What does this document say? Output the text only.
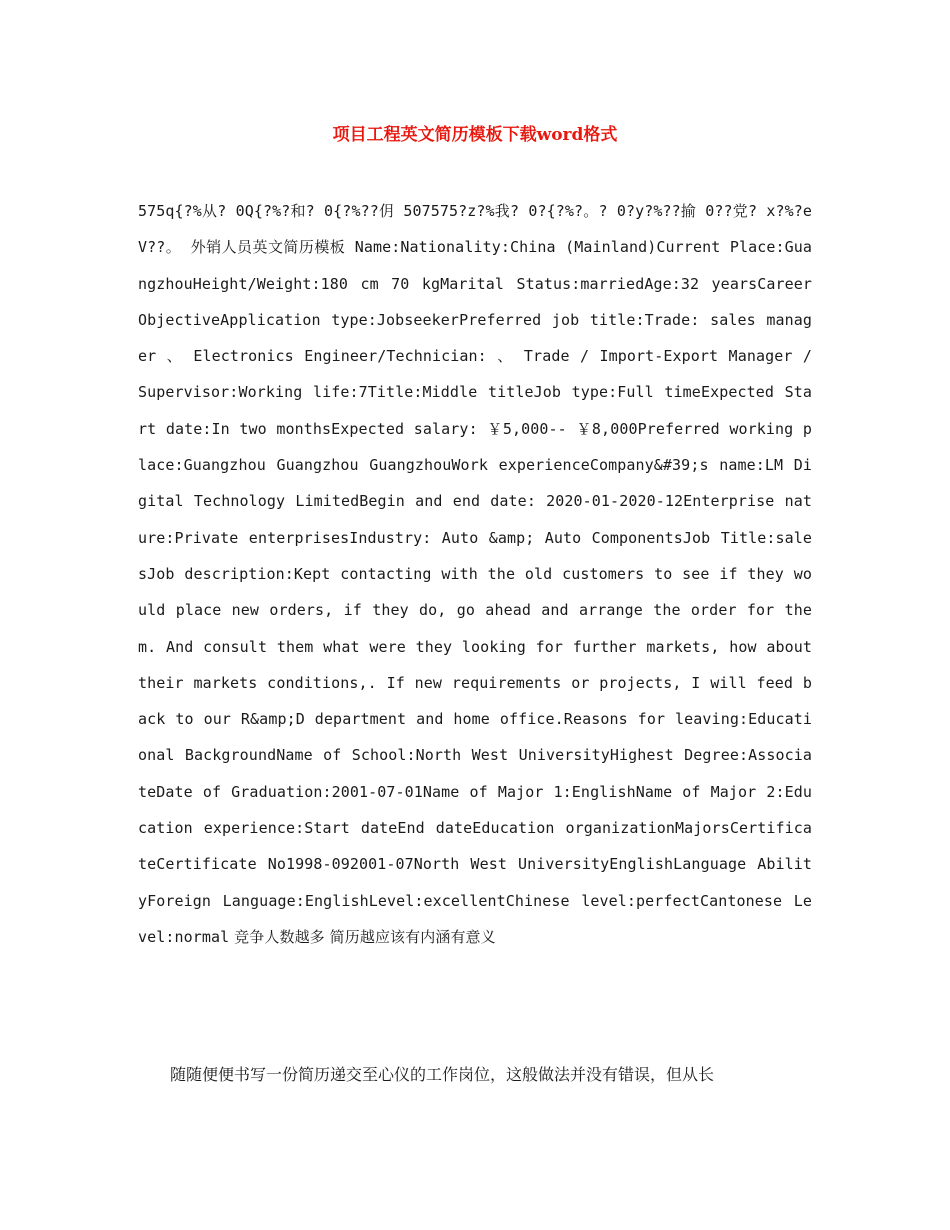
项目工程英文简历模板下载word格式

575q{?%从? 0Q{?%?和? 0{?%??仴 507575?z?%我? 0?{?%?。? 0?y?%??揄 0??党? x?%?eV??。 外销人员英文简历模板 Name:Nationality:China (Mainland)Current Place:GuangzhouHeight/Weight:180 cm 70 kgMarital Status:marriedAge:32 yearsCareer ObjectiveApplication type:JobseekerPreferred job title:Trade: sales manager 、 Electronics Engineer/Technician: 、 Trade / Import-Export Manager / Supervisor:Working life:7Title:Middle titleJob type:Full timeExpected Start date:In two monthsExpected salary: ￥5,000-- ￥8,000Preferred working place:Guangzhou Guangzhou GuangzhouWork experienceCompany&#39;s name:LM Digital Technology LimitedBegin and end date: 2020-01-2020-12Enterprise nature:Private enterprisesIndustry: Auto &amp; Auto ComponentsJob Title:salesJob description:Kept contacting with the old customers to see if they would place new orders, if they do, go ahead and arrange the order for them. And consult them what were they looking for further markets, how about their markets conditions,. If new requirements or projects, I will feed back to our R&amp;D department and home office.Reasons for leaving:Educational BackgroundName of School:North West UniversityHighest Degree:AssociateDate of Graduation:2001-07-01Name of Major 1:EnglishName of Major 2:Education experience:Start dateEnd dateEducation organizationMajorsCertificateCertificate No1998-092001-07North West UniversityEnglishLanguage AbilityForeign Language:EnglishLevel:excellentChinese level:perfectCantonese Level:normal 竞争人数越多 简历越应该有内涵有意义

随随便便书写一份简历递交至心仪的工作岗位，这般做法并没有错误，但从长
